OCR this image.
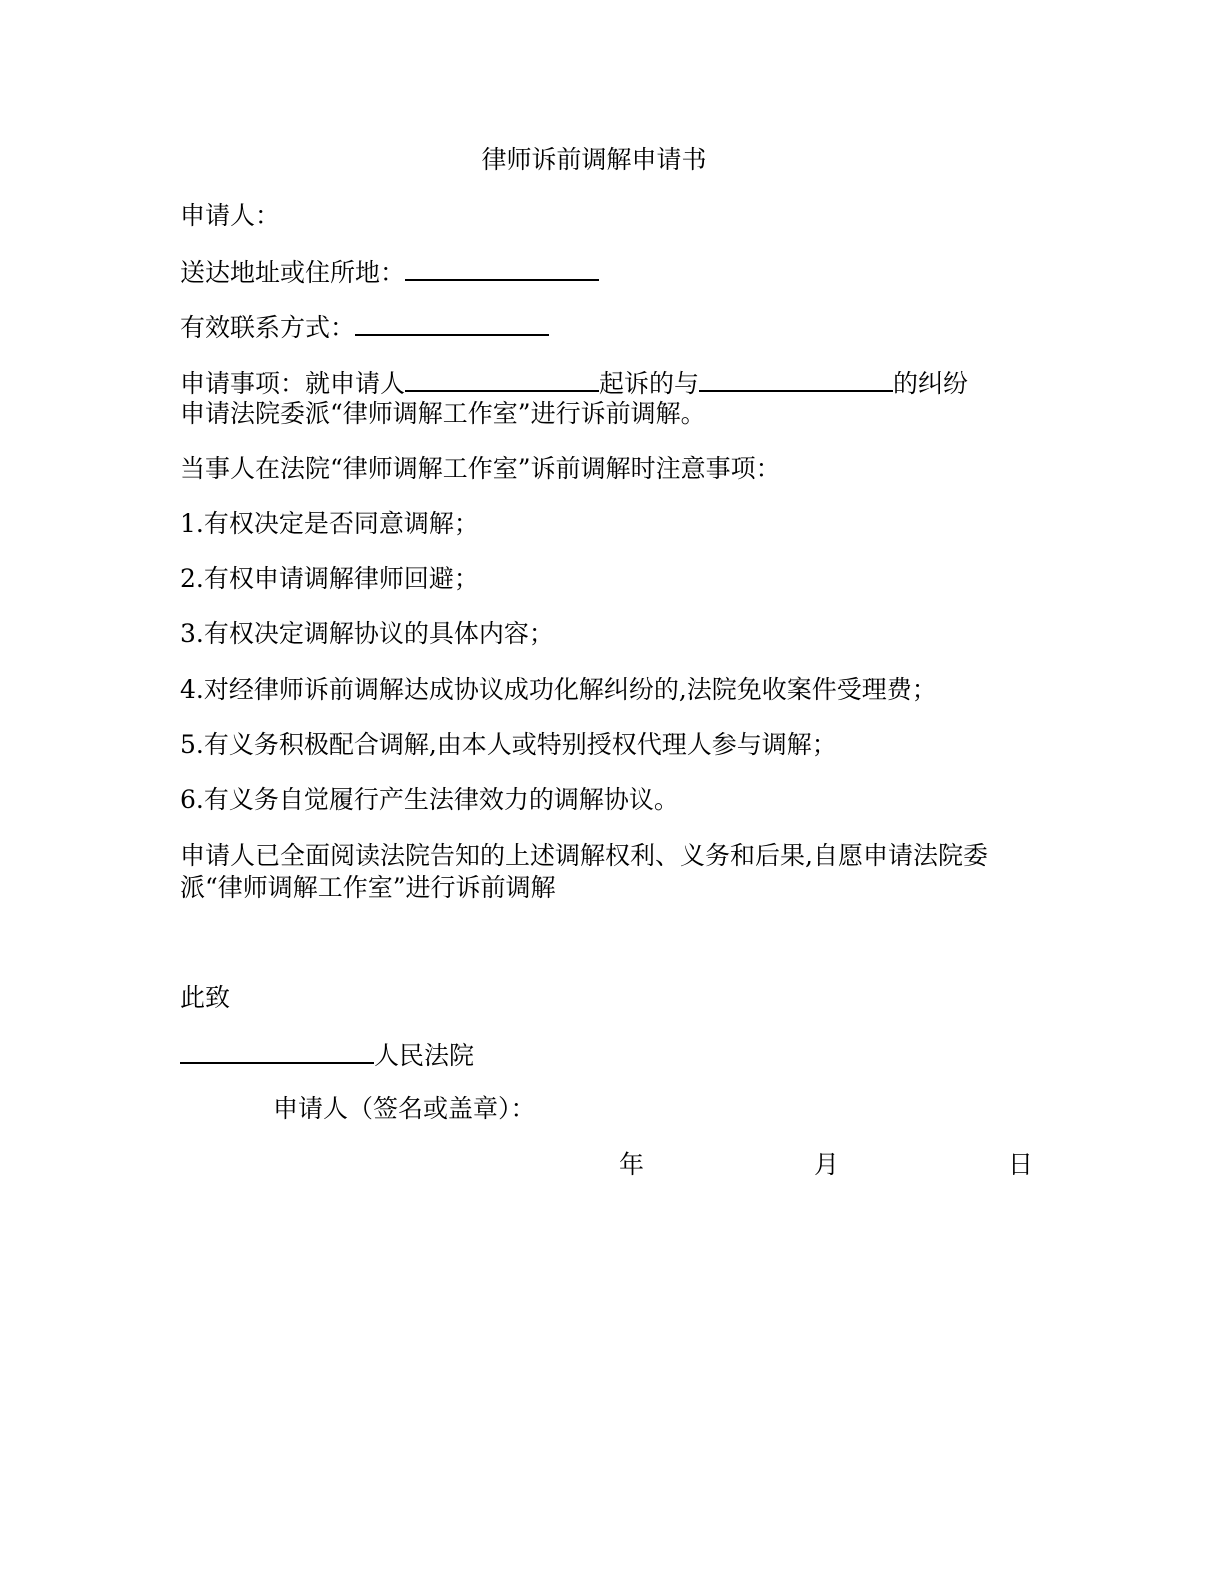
律师诉前调解申请书
申请人：
送达地址或住所地：
有效联系方式：
申请事项：就申请人	起诉的与	的纠纷
申请法院委派“律师调解工作室”进行诉前调解。
当事人在法院“律师调解工作室”诉前调解时注意事项：
1.有权决定是否同意调解；
2.有权申请调解律师回避；
3.有权决定调解协议的具体内容；
4.对经律师诉前调解达成协议成功化解纠纷的,法院免收案件受理费；
5.有义务积极配合调解,由本人或特别授权代理人参与调解；
6.有义务自觉履行产生法律效力的调解协议。
申请人已全面阅读法院告知的上述调解权利、义务和后果,自愿申请法院委派“律师调解工作室”进行诉前调解
此致
人民法院
申请人（签名或盖章）：
年	月	日
